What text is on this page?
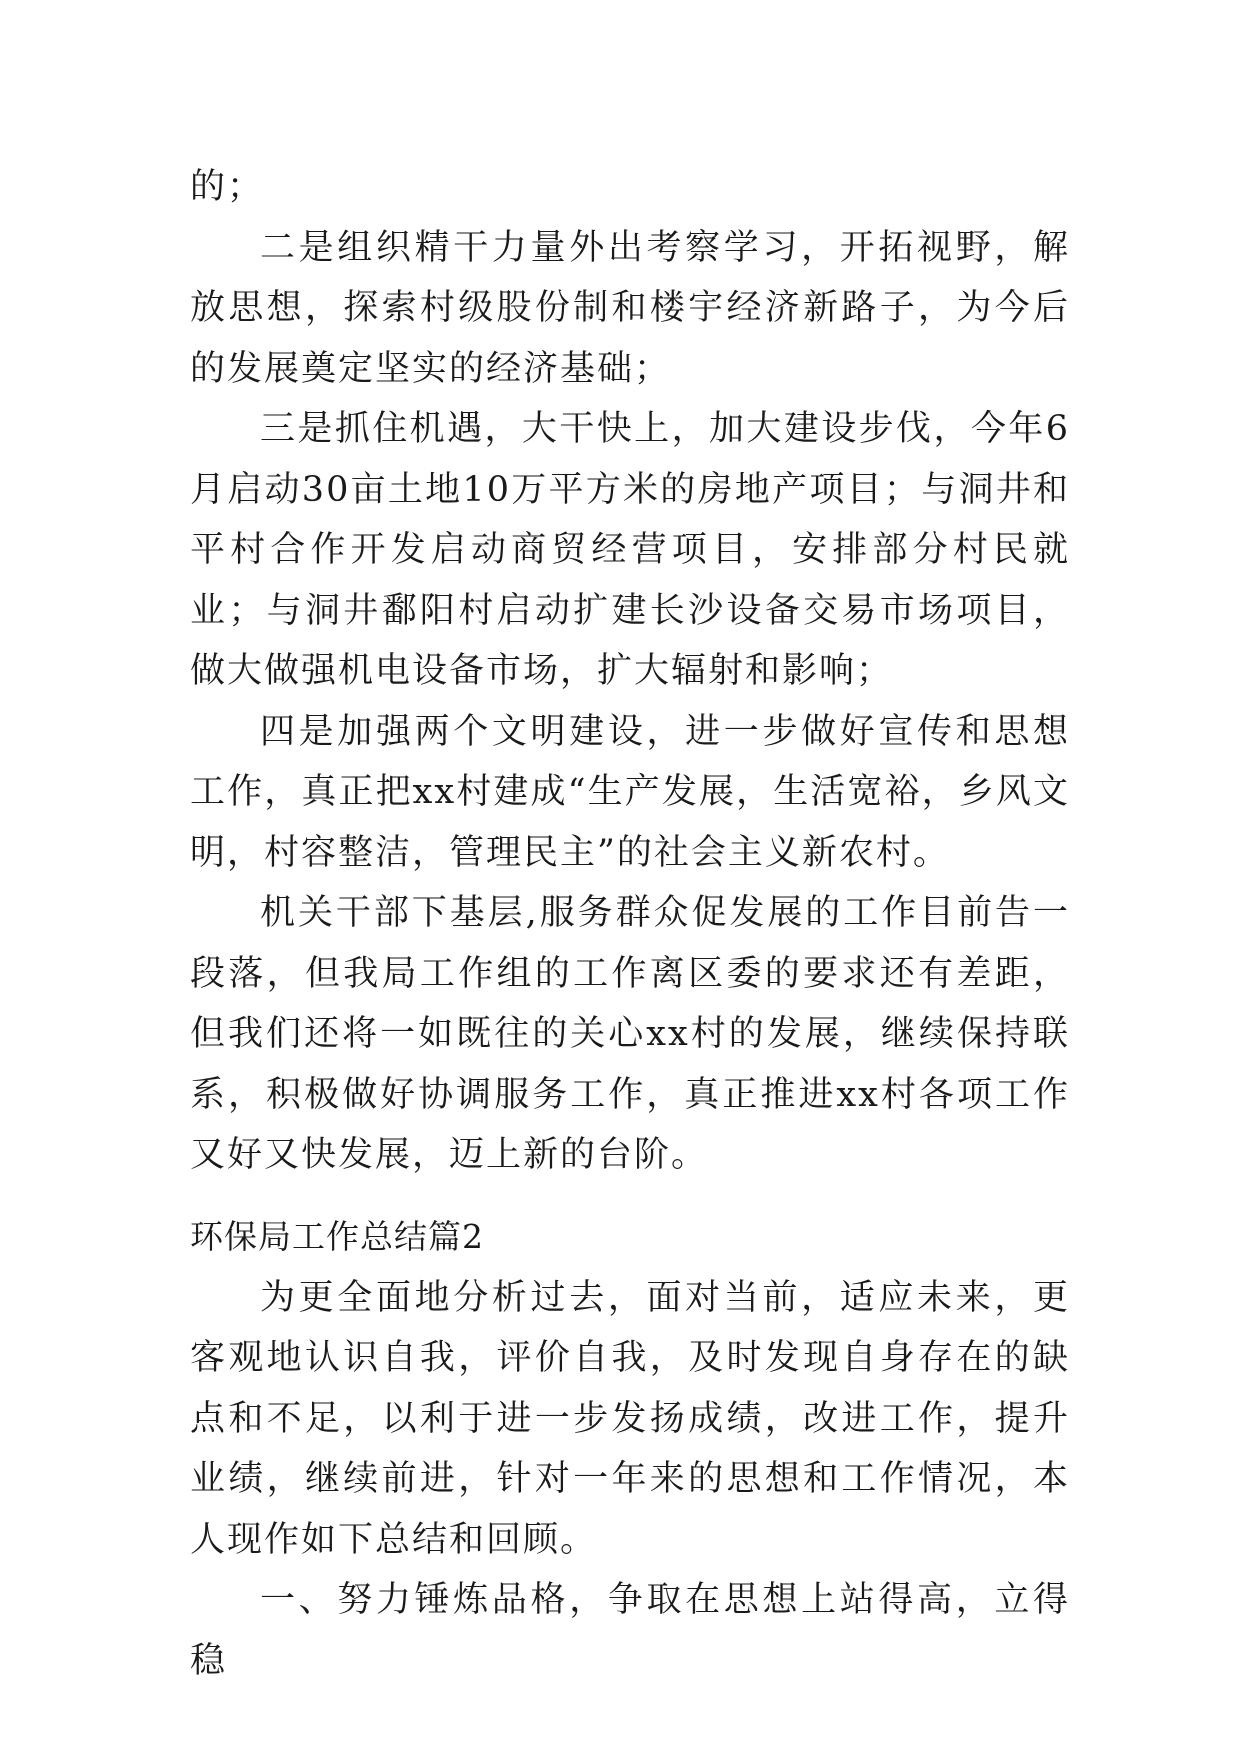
的；

二是组织精干力量外出考察学习，开拓视野，解放思想，探索村级股份制和楼宇经济新路子，为今后的发展奠定坚实的经济基础；

三是抓住机遇，大干快上，加大建设步伐，今年6月启动30亩土地10万平方米的房地产项目；与洞井和平村合作开发启动商贸经营项目，安排部分村民就业；与洞井鄱阳村启动扩建长沙设备交易市场项目，做大做强机电设备市场，扩大辐射和影响；

四是加强两个文明建设，进一步做好宣传和思想工作，真正把xx村建成“生产发展，生活宽裕，乡风文明，村容整洁，管理民主”的社会主义新农村。

机关干部下基层,服务群众促发展的工作目前告一段落，但我局工作组的工作离区委的要求还有差距，但我们还将一如既往的关心xx村的发展，继续保持联系，积极做好协调服务工作，真正推进xx村各项工作又好又快发展，迈上新的台阶。

环保局工作总结篇2

为更全面地分析过去，面对当前，适应未来，更客观地认识自我，评价自我，及时发现自身存在的缺点和不足，以利于进一步发扬成绩，改进工作，提升业绩，继续前进，针对一年来的思想和工作情况，本人现作如下总结和回顾。

一、努力锤炼品格，争取在思想上站得高，立得稳
